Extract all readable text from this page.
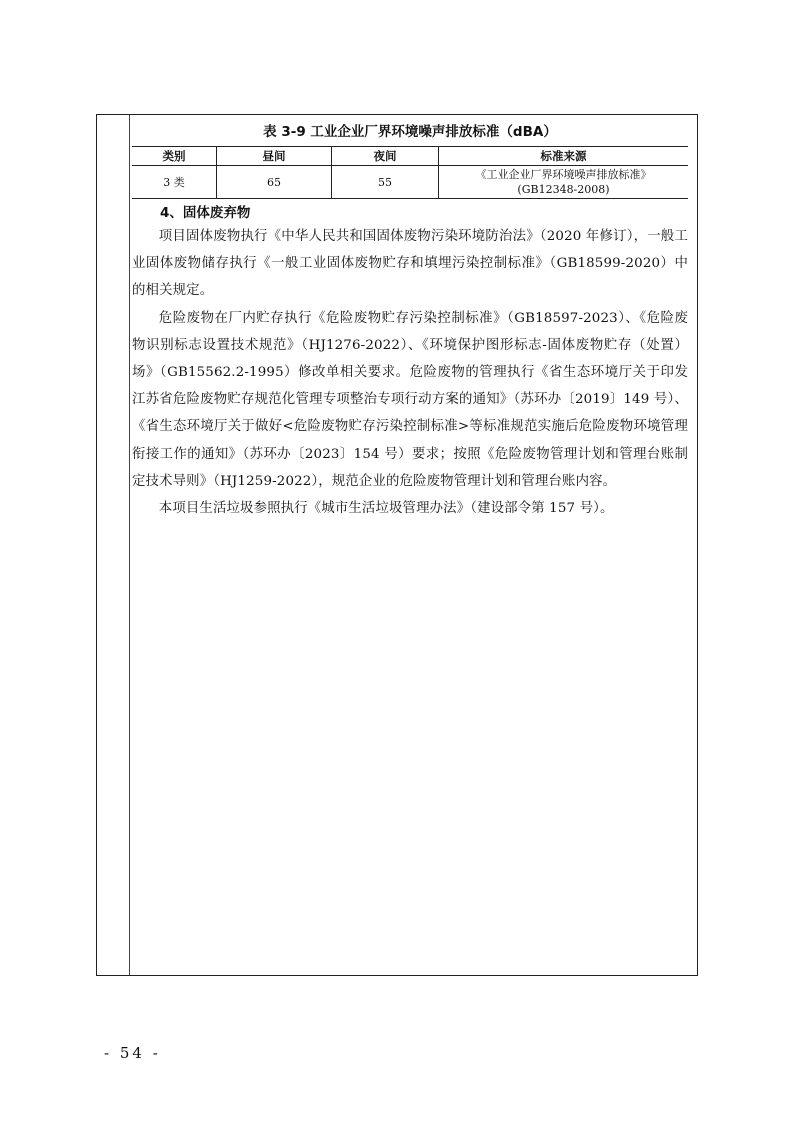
表 3-9 工业企业厂界环境噪声排放标准（dBA）
类别	昼间	夜间	标准来源
3 类	65	55	《工业企业厂界环境噪声排放标准》
(GB12348-2008)
4、固体废弃物

项目固体废物执行《中华人民共和国固体废物污染环境防治法》（2020 年修订），一般工业固体废物储存执行《一般工业固体废物贮存和填埋污染控制标准》（GB18599-2020）中的相关规定。

危险废物在厂内贮存执行《危险废物贮存污染控制标准》（GB18597-2023）、《危险废物识别标志设置技术规范》（HJ1276-2022）、《环境保护图形标志-固体废物贮存（处置）场》（GB15562.2-1995）修改单相关要求。危险废物的管理执行《省生态环境厅关于印发江苏省危险废物贮存规范化管理专项整治专项行动方案的通知》（苏环办〔2019〕149 号）、《省生态环境厅关于做好<危险废物贮存污染控制标准>等标准规范实施后危险废物环境管理衔接工作的通知》（苏环办〔2023〕154 号）要求；按照《危险废物管理计划和管理台账制定技术导则》（HJ1259-2022），规范企业的危险废物管理计划和管理台账内容。

本项目生活垃圾参照执行《城市生活垃圾管理办法》（建设部令第 157 号）。

- 54 -
